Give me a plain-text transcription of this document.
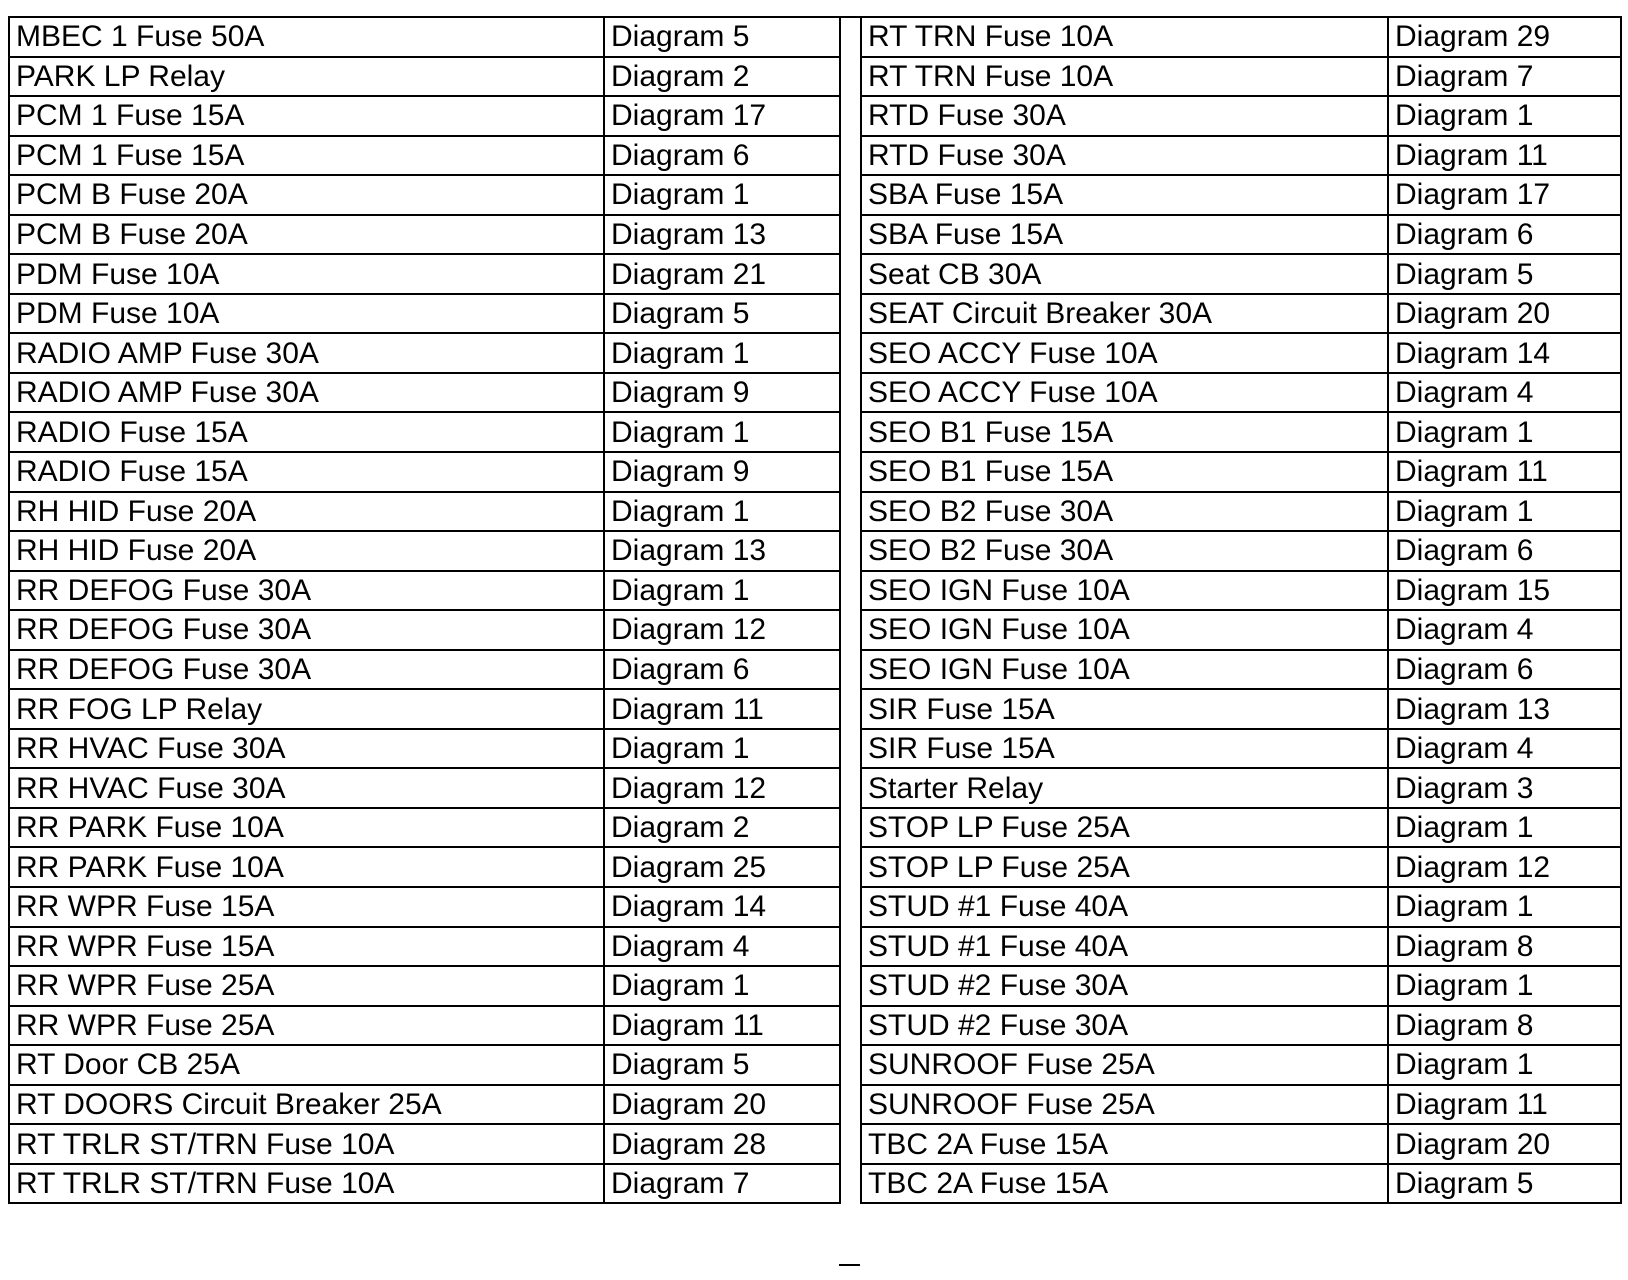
MBEC 1 Fuse 50A	Diagram 5
PARK LP Relay	Diagram 2
PCM 1 Fuse 15A	Diagram 17
PCM 1 Fuse 15A	Diagram 6
PCM B Fuse 20A	Diagram 1
PCM B Fuse 20A	Diagram 13
PDM Fuse 10A	Diagram 21
PDM Fuse 10A	Diagram 5
RADIO AMP Fuse 30A	Diagram 1
RADIO AMP Fuse 30A	Diagram 9
RADIO Fuse 15A	Diagram 1
RADIO Fuse 15A	Diagram 9
RH HID Fuse 20A	Diagram 1
RH HID Fuse 20A	Diagram 13
RR DEFOG Fuse 30A	Diagram 1
RR DEFOG Fuse 30A	Diagram 12
RR DEFOG Fuse 30A	Diagram 6
RR FOG LP Relay	Diagram 11
RR HVAC Fuse 30A	Diagram 1
RR HVAC Fuse 30A	Diagram 12
RR PARK Fuse 10A	Diagram 2
RR PARK Fuse 10A	Diagram 25
RR WPR Fuse 15A	Diagram 14
RR WPR Fuse 15A	Diagram 4
RR WPR Fuse 25A	Diagram 1
RR WPR Fuse 25A	Diagram 11
RT Door CB 25A	Diagram 5
RT DOORS Circuit Breaker 25A	Diagram 20
RT TRLR ST/TRN Fuse 10A	Diagram 28
RT TRLR ST/TRN Fuse 10A	Diagram 7
RT TRN Fuse 10A	Diagram 29
RT TRN Fuse 10A	Diagram 7
RTD Fuse 30A	Diagram 1
RTD Fuse 30A	Diagram 11
SBA Fuse 15A	Diagram 17
SBA Fuse 15A	Diagram 6
Seat CB 30A	Diagram 5
SEAT Circuit Breaker 30A	Diagram 20
SEO ACCY Fuse 10A	Diagram 14
SEO ACCY Fuse 10A	Diagram 4
SEO B1 Fuse 15A	Diagram 1
SEO B1 Fuse 15A	Diagram 11
SEO B2 Fuse 30A	Diagram 1
SEO B2 Fuse 30A	Diagram 6
SEO IGN Fuse 10A	Diagram 15
SEO IGN Fuse 10A	Diagram 4
SEO IGN Fuse 10A	Diagram 6
SIR Fuse 15A	Diagram 13
SIR Fuse 15A	Diagram 4
Starter Relay	Diagram 3
STOP LP Fuse 25A	Diagram 1
STOP LP Fuse 25A	Diagram 12
STUD #1 Fuse 40A	Diagram 1
STUD #1 Fuse 40A	Diagram 8
STUD #2 Fuse 30A	Diagram 1
STUD #2 Fuse 30A	Diagram 8
SUNROOF Fuse 25A	Diagram 1
SUNROOF Fuse 25A	Diagram 11
TBC 2A Fuse 15A	Diagram 20
TBC 2A Fuse 15A	Diagram 5
